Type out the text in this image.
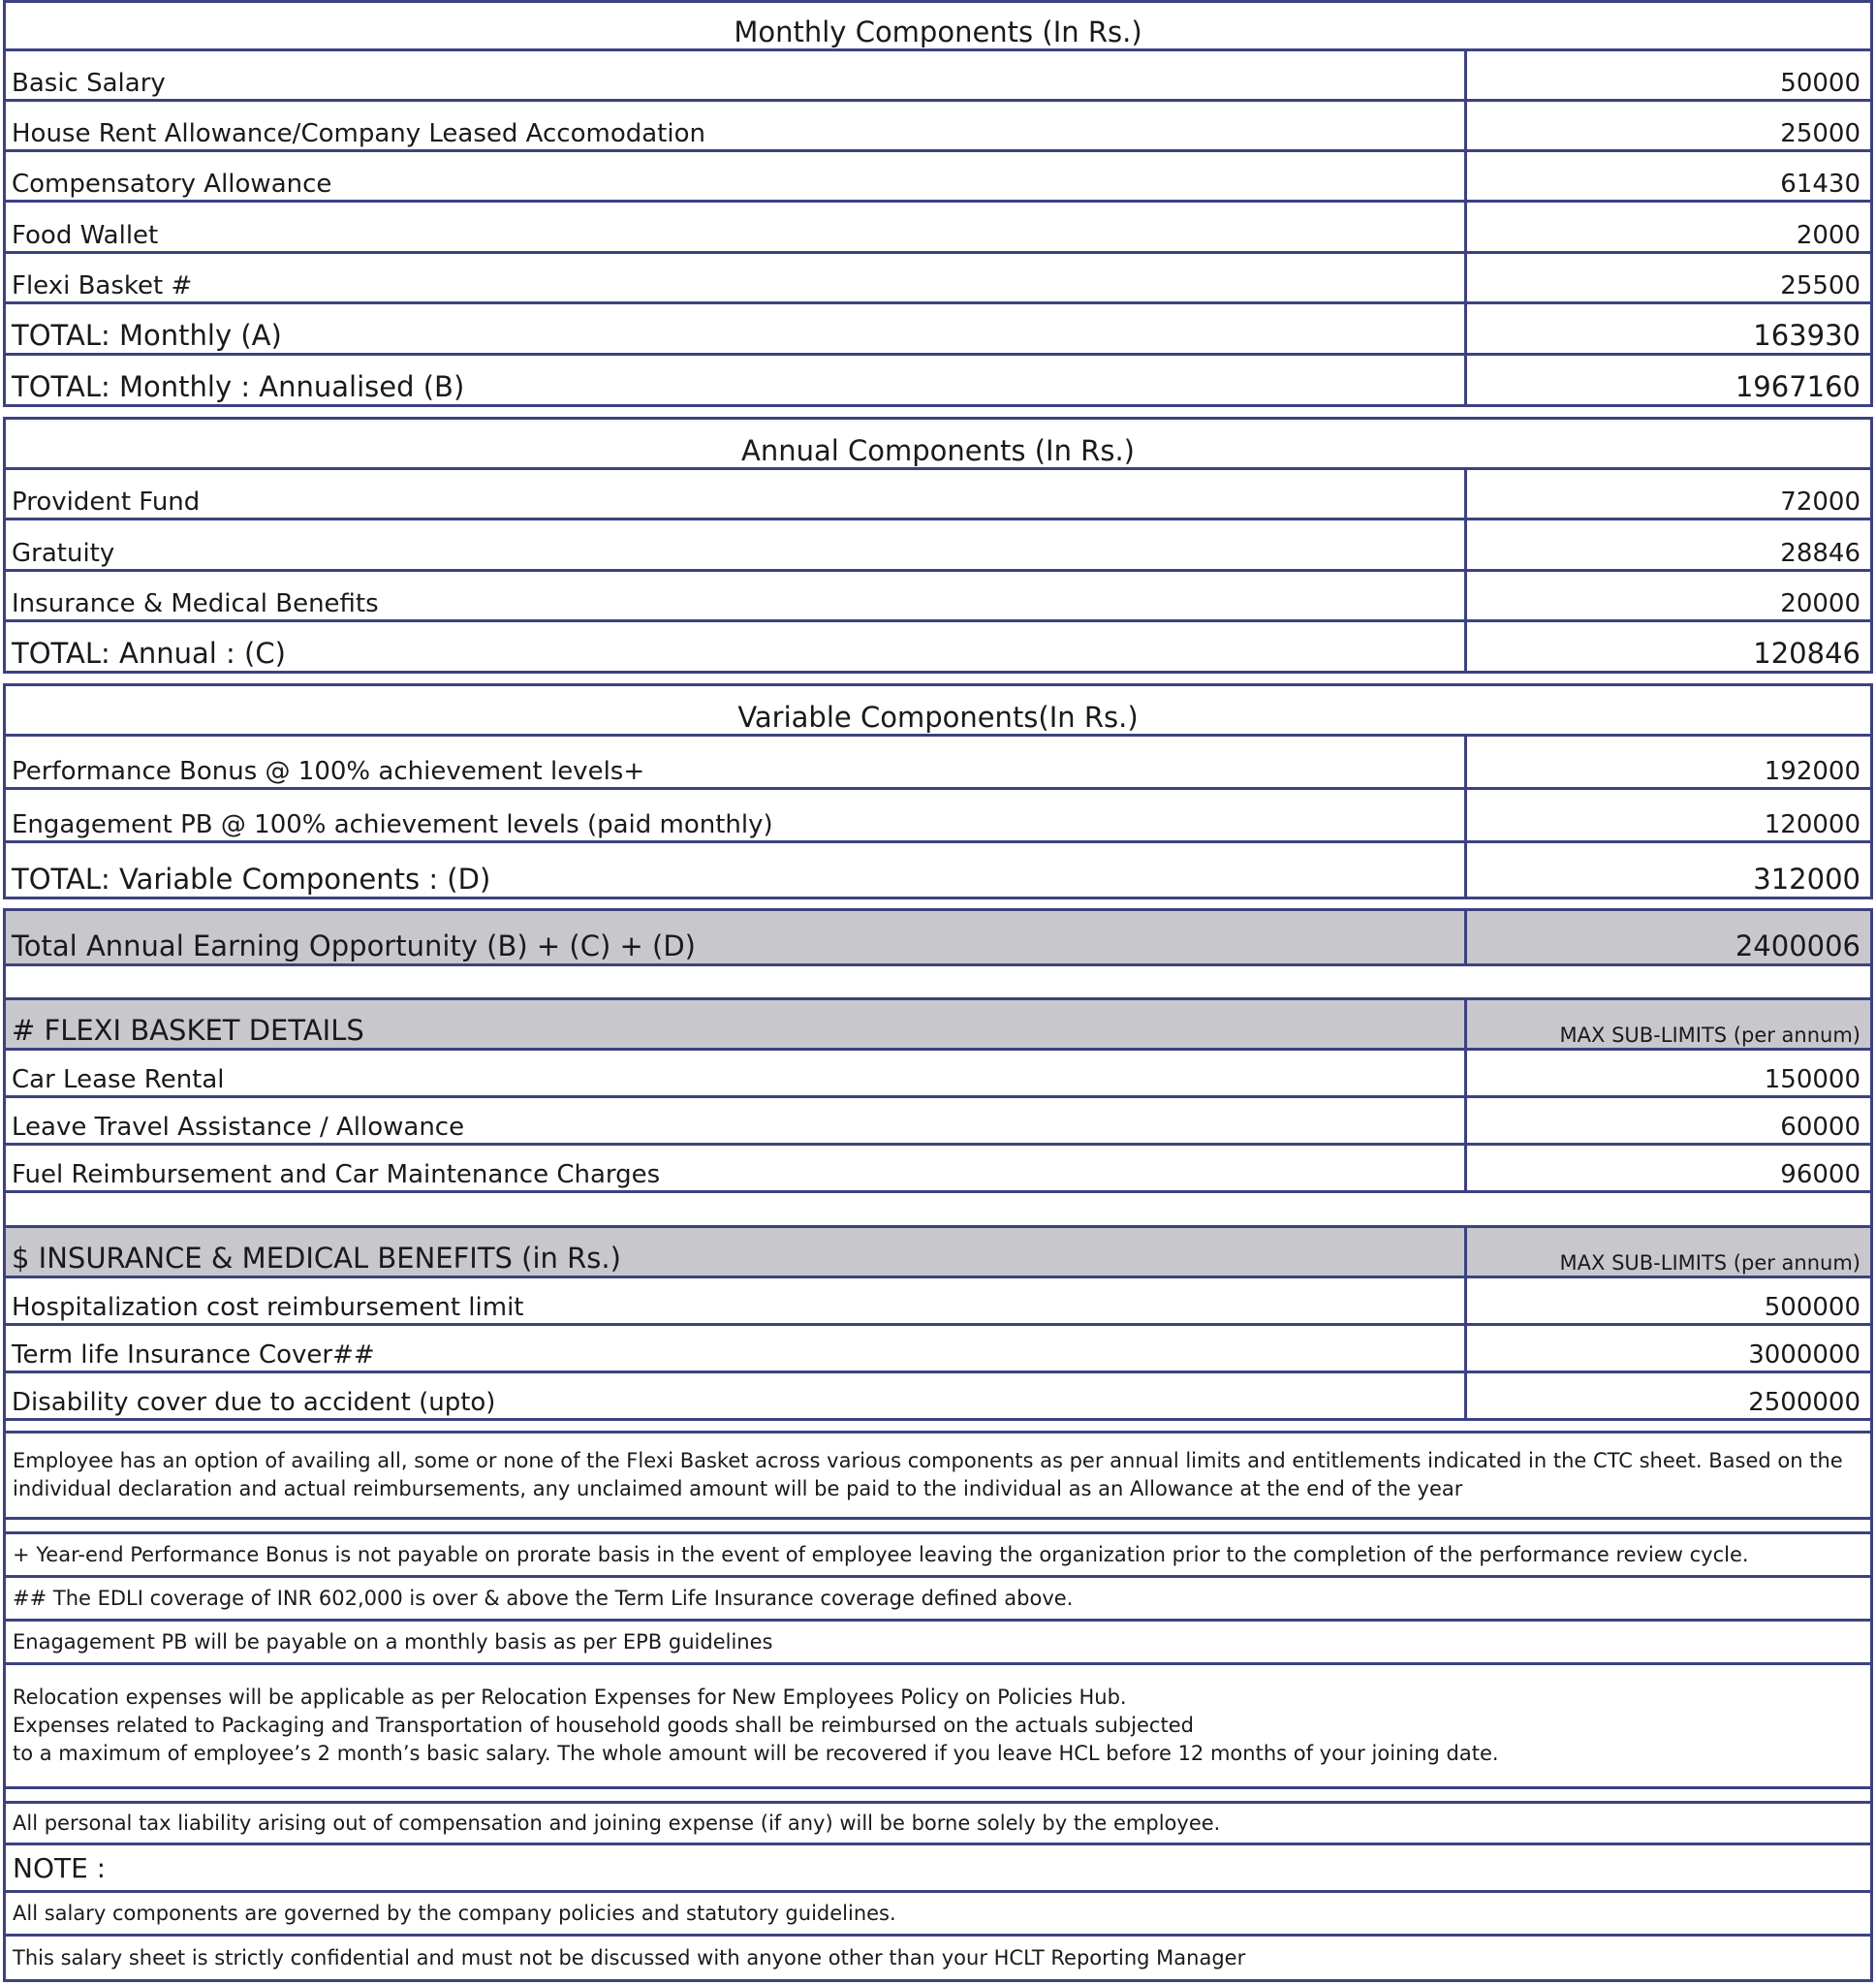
Monthly Components (In Rs.)
Basic Salary	50000
House Rent Allowance/Company Leased Accomodation	25000
Compensatory Allowance	61430
Food Wallet	2000
Flexi Basket #	25500
TOTAL: Monthly (A)	163930
TOTAL: Monthly : Annualised (B)	1967160
Annual Components (In Rs.)
Provident Fund	72000
Gratuity	28846
Insurance & Medical Benefits	20000
TOTAL: Annual : (C)	120846
Variable Components(In Rs.)
Performance Bonus @ 100% achievement levels+	192000
Engagement PB @ 100% achievement levels (paid monthly)	120000
TOTAL: Variable Components : (D)	312000
Total Annual Earning Opportunity (B) + (C) + (D)	2400006
# FLEXI BASKET DETAILS	MAX SUB-LIMITS (per annum)
Car Lease Rental	150000
Leave Travel Assistance / Allowance	60000
Fuel Reimbursement and Car Maintenance Charges	96000
$ INSURANCE & MEDICAL BENEFITS (in Rs.)	MAX SUB-LIMITS (per annum)
Hospitalization cost reimbursement limit	500000
Term life Insurance Cover##	3000000
Disability cover due to accident (upto)	2500000
Employee has an option of availing all, some or none of the Flexi Basket across various components as per annual limits and entitlements indicated in the CTC sheet. Based on the
individual declaration and actual reimbursements, any unclaimed amount will be paid to the individual as an Allowance at the end of the year
+ Year-end Performance Bonus is not payable on prorate basis in the event of employee leaving the organization prior to the completion of the performance review cycle.
## The EDLI coverage of INR 602,000 is over & above the Term Life Insurance coverage defined above.
Enagagement PB will be payable on a monthly basis as per EPB guidelines
Relocation expenses will be applicable as per Relocation Expenses for New Employees Policy on Policies Hub.
Expenses related to Packaging and Transportation of household goods shall be reimbursed on the actuals subjected
to a maximum of employee’s 2 month’s basic salary. The whole amount will be recovered if you leave HCL before 12 months of your joining date.
All personal tax liability arising out of compensation and joining expense (if any) will be borne solely by the employee.
NOTE :
All salary components are governed by the company policies and statutory guidelines.
This salary sheet is strictly confidential and must not be discussed with anyone other than your HCLT Reporting Manager
